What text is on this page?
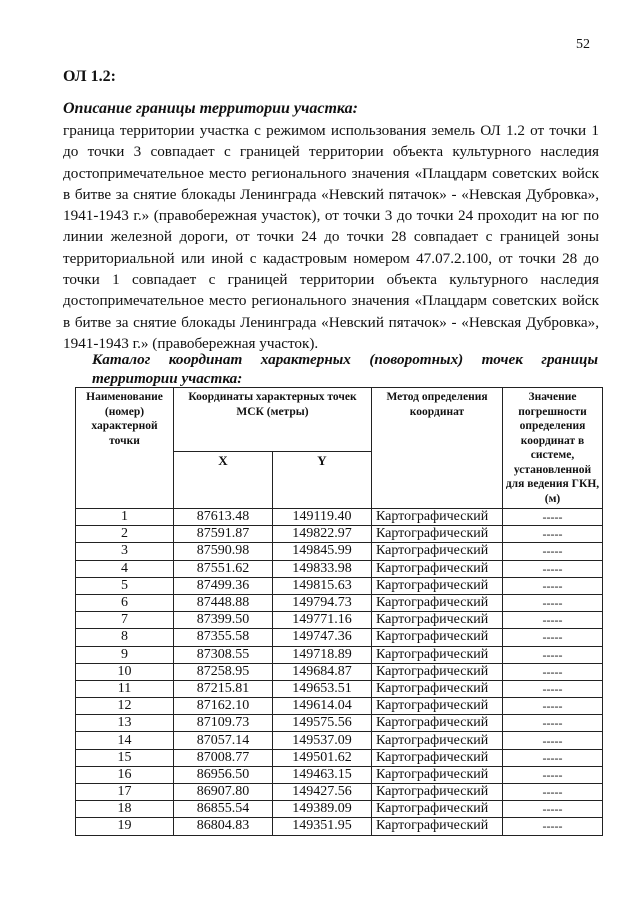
52
ОЛ 1.2:
Описание границы территории участка:
граница территории участка с режимом использования земель ОЛ 1.2 от точки 1
до точки 3 совпадает с границей территории объекта культурного наследия
достопримечательное место регионального значения «Плацдарм советских войск
в битве за снятие блокады Ленинграда «Невский пятачок» - «Невская Дубровка»,
1941-1943 г.» (правобережная участок), от точки 3 до точки 24 проходит на юг по
линии железной дороги, от точки 24 до точки 28 совпадает с границей зоны
территориальной или иной с кадастровым номером 47.07.2.100, от точки 28 до
точки 1 совпадает с границей территории объекта культурного наследия
достопримечательное место регионального значения «Плацдарм советских войск
в битве за снятие блокады Ленинграда «Невский пятачок» - «Невская Дубровка»,
1941-1943 г.» (правобережная участок).
Каталог координат характерных (поворотных) точек границы
территории участка:
Наименование (номер) характерной точки	Координаты характерных точек МСК (метры)		Метод определения координат	Значение погрешности определения координат в системе, установленной для ведения ГКН, (м)
	X	Y		
1	87613.48	149119.40	Картографический	-----
2	87591.87	149822.97	Картографический	-----
3	87590.98	149845.99	Картографический	-----
4	87551.62	149833.98	Картографический	-----
5	87499.36	149815.63	Картографический	-----
6	87448.88	149794.73	Картографический	-----
7	87399.50	149771.16	Картографический	-----
8	87355.58	149747.36	Картографический	-----
9	87308.55	149718.89	Картографический	-----
10	87258.95	149684.87	Картографический	-----
11	87215.81	149653.51	Картографический	-----
12	87162.10	149614.04	Картографический	-----
13	87109.73	149575.56	Картографический	-----
14	87057.14	149537.09	Картографический	-----
15	87008.77	149501.62	Картографический	-----
16	86956.50	149463.15	Картографический	-----
17	86907.80	149427.56	Картографический	-----
18	86855.54	149389.09	Картографический	-----
19	86804.83	149351.95	Картографический	-----
